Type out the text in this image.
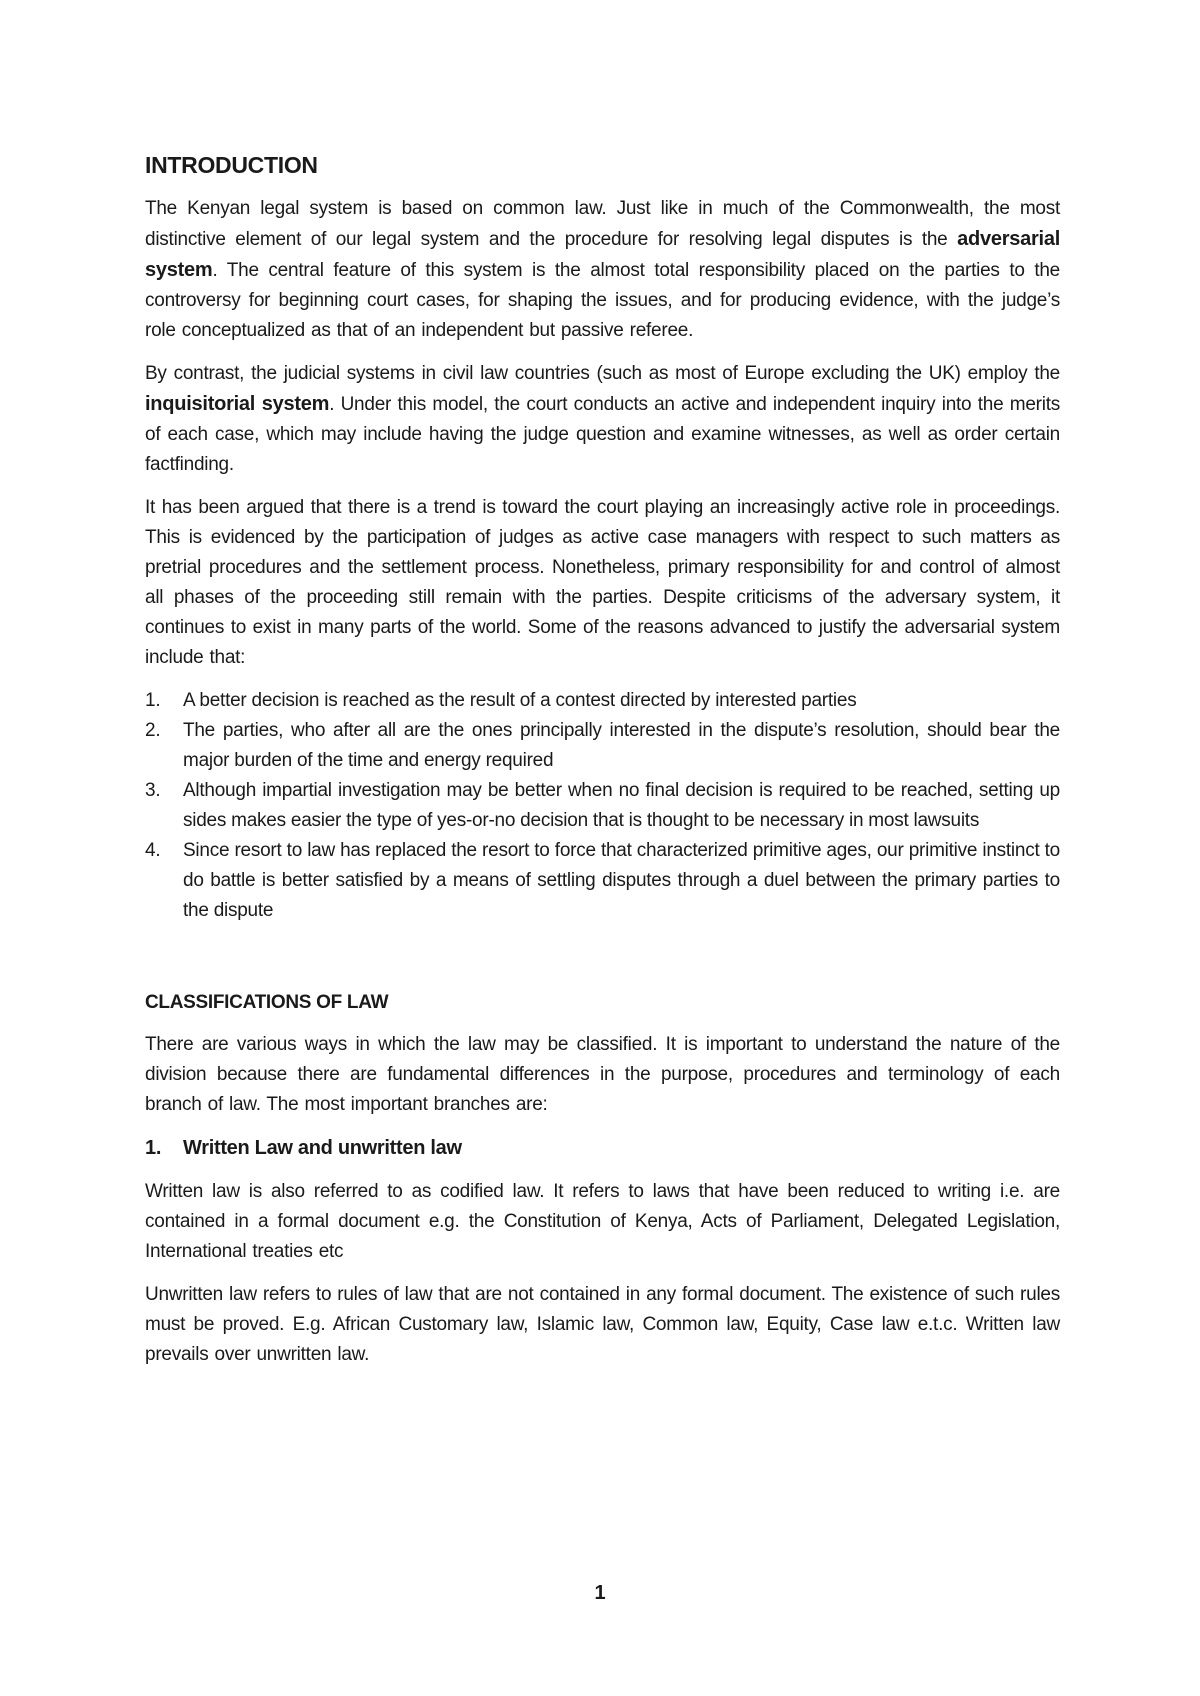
INTRODUCTION

The Kenyan legal system is based on common law. Just like in much of the Commonwealth, the most distinctive element of our legal system and the procedure for resolving legal disputes is the adversarial system. The central feature of this system is the almost total responsibility placed on the parties to the controversy for beginning court cases, for shaping the issues, and for producing evidence, with the judge’s role conceptualized as that of an independent but passive referee.

By contrast, the judicial systems in civil law countries (such as most of Europe excluding the UK) employ the inquisitorial system. Under this model, the court conducts an active and independent inquiry into the merits of each case, which may include having the judge question and examine witnesses, as well as order certain factfinding.

It has been argued that there is a trend is toward the court playing an increasingly active role in proceedings. This is evidenced by the participation of judges as active case managers with respect to such matters as pretrial procedures and the settlement process. Nonetheless, primary responsibility for and control of almost all phases of the proceeding still remain with the parties. Despite criticisms of the adversary system, it continues to exist in many parts of the world. Some of the reasons advanced to justify the adversarial system include that:

1.	A better decision is reached as the result of a contest directed by interested parties
2.	The parties, who after all are the ones principally interested in the dispute’s resolution, should bear the major burden of the time and energy required
3.	Although impartial investigation may be better when no final decision is required to be reached, setting up sides makes easier the type of yes-or-no decision that is thought to be necessary in most lawsuits
4.	Since resort to law has replaced the resort to force that characterized primitive ages, our primitive instinct to do battle is better satisfied by a means of settling disputes through a duel between the primary parties to the dispute
CLASSIFICATIONS OF LAW

There are various ways in which the law may be classified. It is important to understand the nature of the division because there are fundamental differences in the purpose, procedures and terminology of each branch of law. The most important branches are:

1.	Written Law and unwritten law

Written law is also referred to as codified law. It refers to laws that have been reduced to writing i.e. are contained in a formal document e.g. the Constitution of Kenya, Acts of Parliament, Delegated Legislation, International treaties etc

Unwritten law refers to rules of law that are not contained in any formal document. The existence of such rules must be proved. E.g. African Customary law, Islamic law, Common law, Equity, Case law e.t.c. Written law prevails over unwritten law.

1
